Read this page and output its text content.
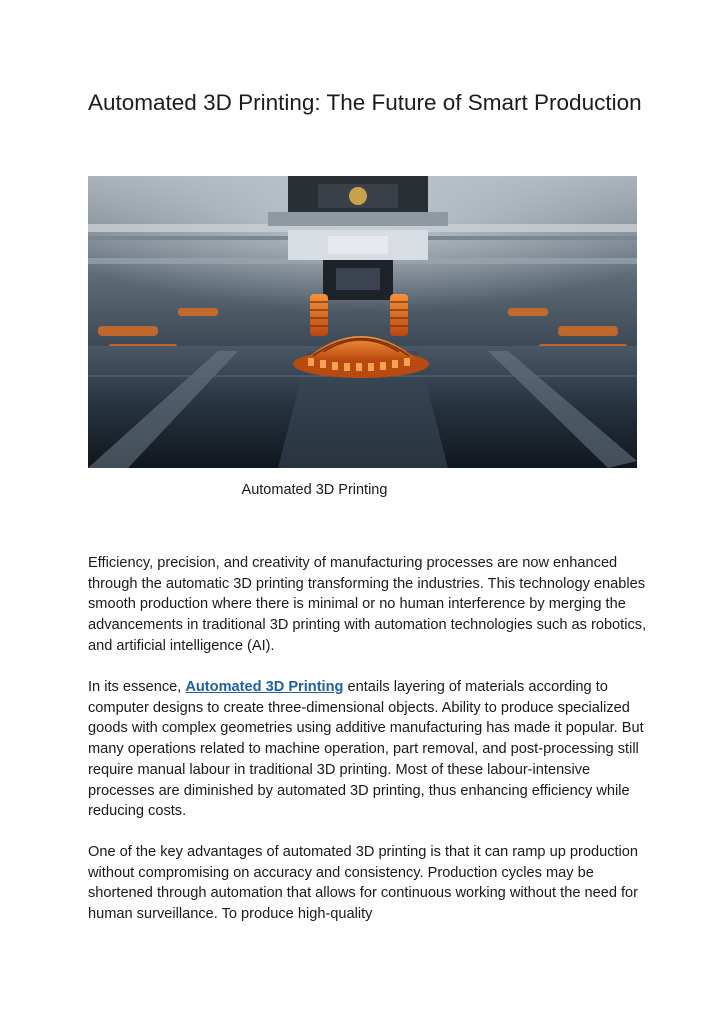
Automated 3D Printing: The Future of Smart Production
Automated 3D Printing

Efficiency, precision, and creativity of manufacturing processes are now enhanced through the automatic 3D printing transforming the industries. This technology enables smooth production where there is minimal or no human interference by merging the advancements in traditional 3D printing with automation technologies such as robotics, and artificial intelligence (AI).

In its essence, Automated 3D Printing entails layering of materials according to computer designs to create three-dimensional objects. Ability to produce specialized goods with complex geometries using additive manufacturing has made it popular. But many operations related to machine operation, part removal, and post-processing still require manual labour in traditional 3D printing. Most of these labour-intensive processes are diminished by automated 3D printing, thus enhancing efficiency while reducing costs.

One of the key advantages of automated 3D printing is that it can ramp up production without compromising on accuracy and consistency. Production cycles may be shortened through automation that allows for continuous working without the need for human surveillance. To produce high-quality
